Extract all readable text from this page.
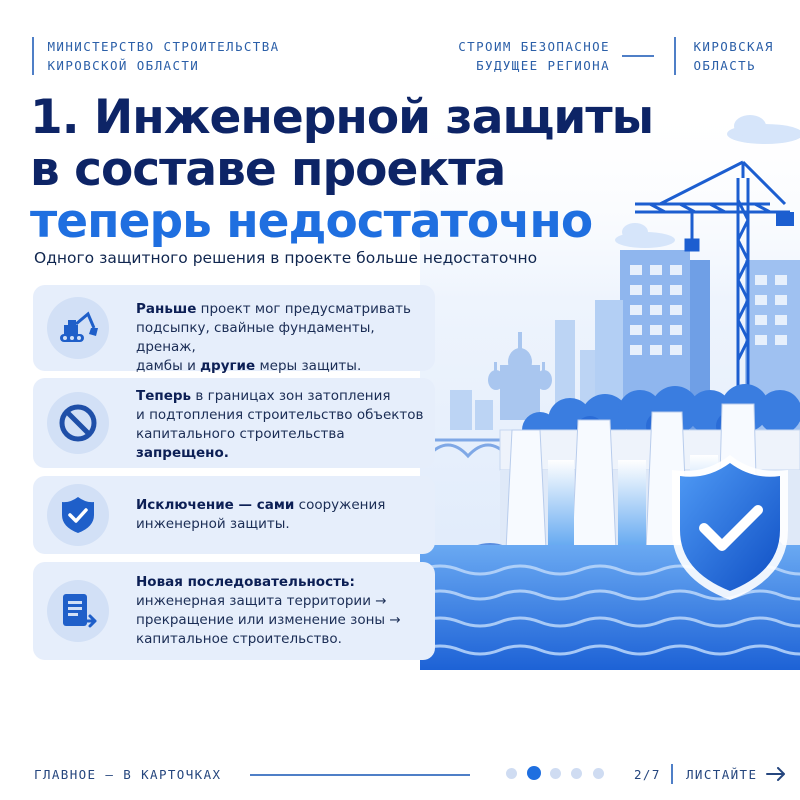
МИНИСТЕРСТВО СТРОИТЕЛЬСТВА
КИРОВСКОЙ ОБЛАСТИ
СТРОИМ БЕЗОПАСНОЕ
БУДУЩЕЕ РЕГИОНА
КИРОВСКАЯ
ОБЛАСТЬ
1. Инженерной защиты
в составе проекта
теперь недостаточно
Одного защитного решения в проекте больше недостаточно
Раньше проект мог предусматривать
подсыпку, свайные фундаменты, дренаж,
дамбы и другие меры защиты.
Теперь в границах зон затопления
и подтопления строительство объектов
капитального строительства
запрещено.
Исключение — сами сооружения
инженерной защиты.
Новая последовательность:
инженерная защита территории →
прекращение или изменение зоны →
капитальное строительство.
ГЛАВНОЕ — В КАРТОЧКАХ	2/7 ЛИСТАЙТЕ
